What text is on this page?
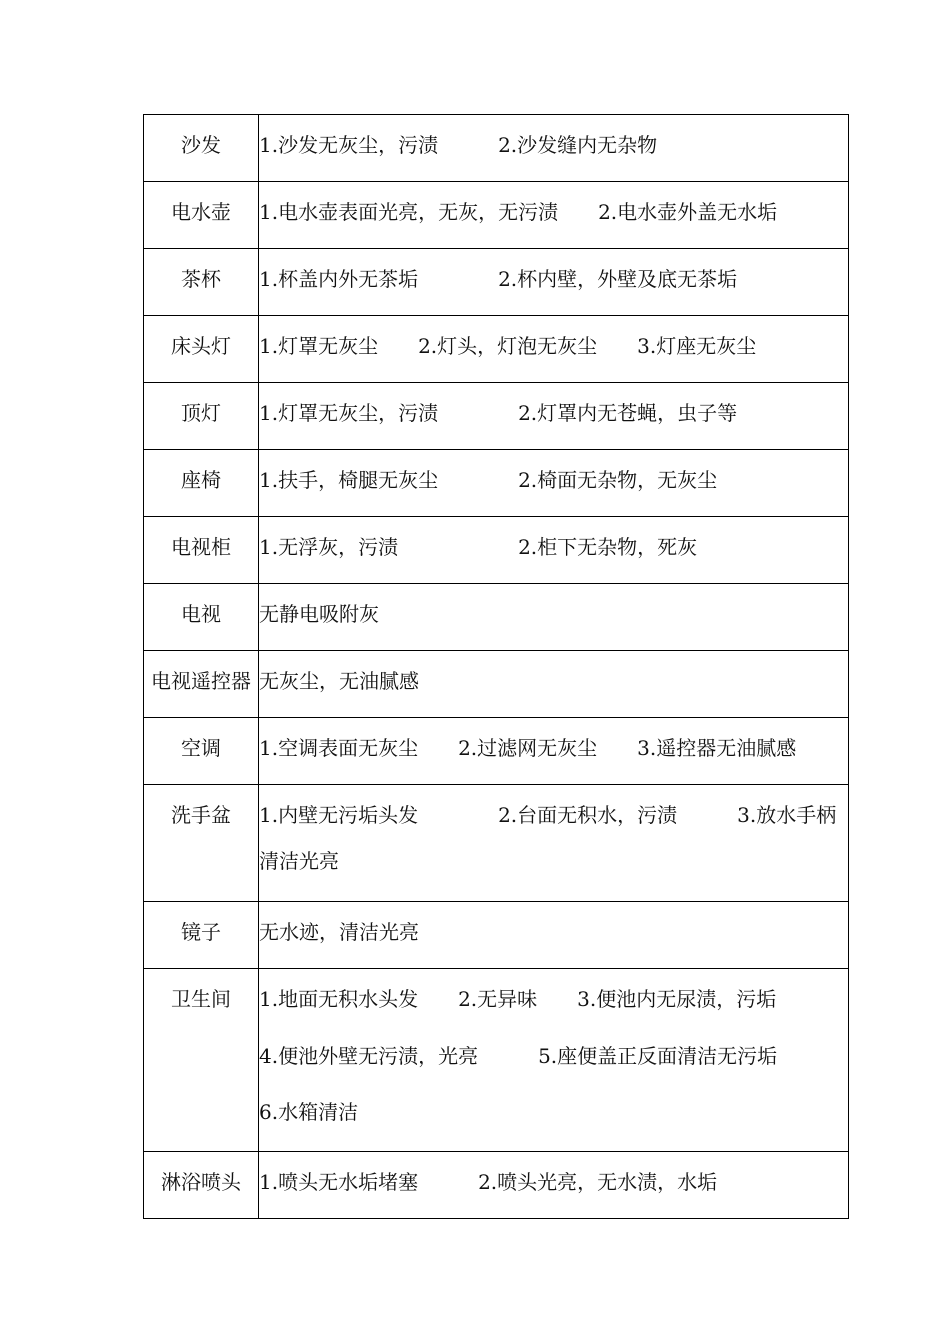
沙发	1.沙发无灰尘，污渍　　　2.沙发缝内无杂物

电水壶	1.电水壶表面光亮，无灰，无污渍　　2.电水壶外盖无水垢

茶杯	1.杯盖内外无茶垢　　　　2.杯内壁，外壁及底无茶垢

床头灯	1.灯罩无灰尘　　2.灯头，灯泡无灰尘　　3.灯座无灰尘

顶灯	1.灯罩无灰尘，污渍　　　　2.灯罩内无苍蝇，虫子等

座椅	1.扶手，椅腿无灰尘　　　　2.椅面无杂物，无灰尘

电视柜	1.无浮灰，污渍　　　　　　2.柜下无杂物，死灰

电视	无静电吸附灰

电视遥控器	无灰尘，无油腻感

空调	1.空调表面无灰尘　　2.过滤网无灰尘　　3.遥控器无油腻感

洗手盆	1.内壁无污垢头发　　　　2.台面无积水，污渍　　　3.放水手柄
清洁光亮

镜子	无水迹，清洁光亮

卫生间	1.地面无积水头发　　2.无异味　　3.便池内无尿渍，污垢
4.便池外壁无污渍，光亮　　　5.座便盖正反面清洁无污垢
6.水箱清洁

淋浴喷头	1.喷头无水垢堵塞　　　2.喷头光亮，无水渍，水垢
